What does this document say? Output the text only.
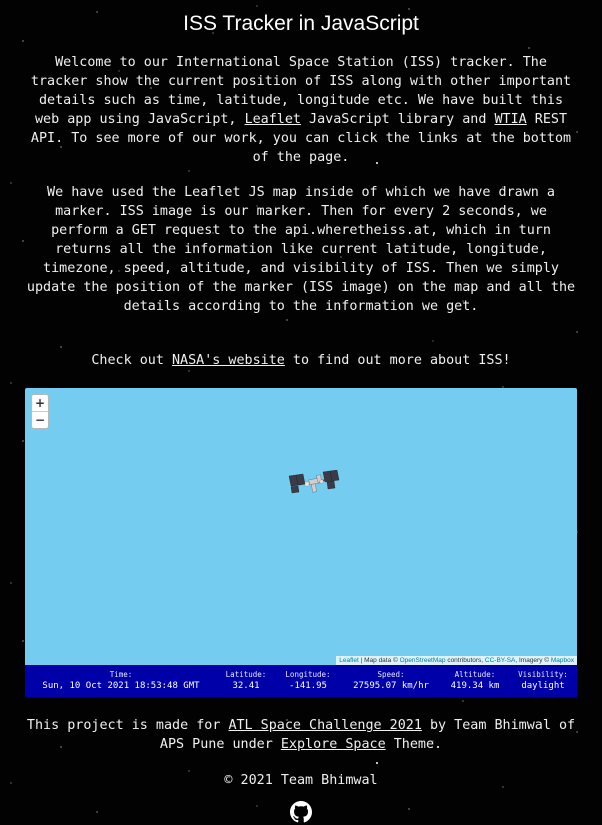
ISS Tracker in JavaScript

Welcome to our International Space Station (ISS) tracker. The tracker show the current position of ISS along with other important details such as time, latitude, longitude etc. We have built this web app using JavaScript, Leaflet JavaScript library and WTIA REST API. To see more of our work, you can click the links at the bottom of the page.

We have used the Leaflet JS map inside of which we have drawn a marker. ISS image is our marker. Then for every 2 seconds, we perform a GET request to the api.wheretheiss.at, which in turn returns all the information like current latitude, longitude, timezone, speed, altitude, and visibility of ISS. Then we simply update the position of the marker (ISS image) on the map and all the details according to the information we get.

Check out NASA's website to find out more about ISS!

+
−
Leaflet | Map data © OpenStreetMap contributors, CC-BY-SA, Imagery © Mapbox
Time:
Sun, 10 Oct 2021 18:53:48 GMT
Latitude:
32.41
Longitude:
-141.95
Speed:
27595.07 km/hr
Altitude:
419.34 km
Visibility:
daylight

This project is made for ATL Space Challenge 2021 by Team Bhimwal of APS Pune under Explore Space Theme.

© 2021 Team Bhimwal
